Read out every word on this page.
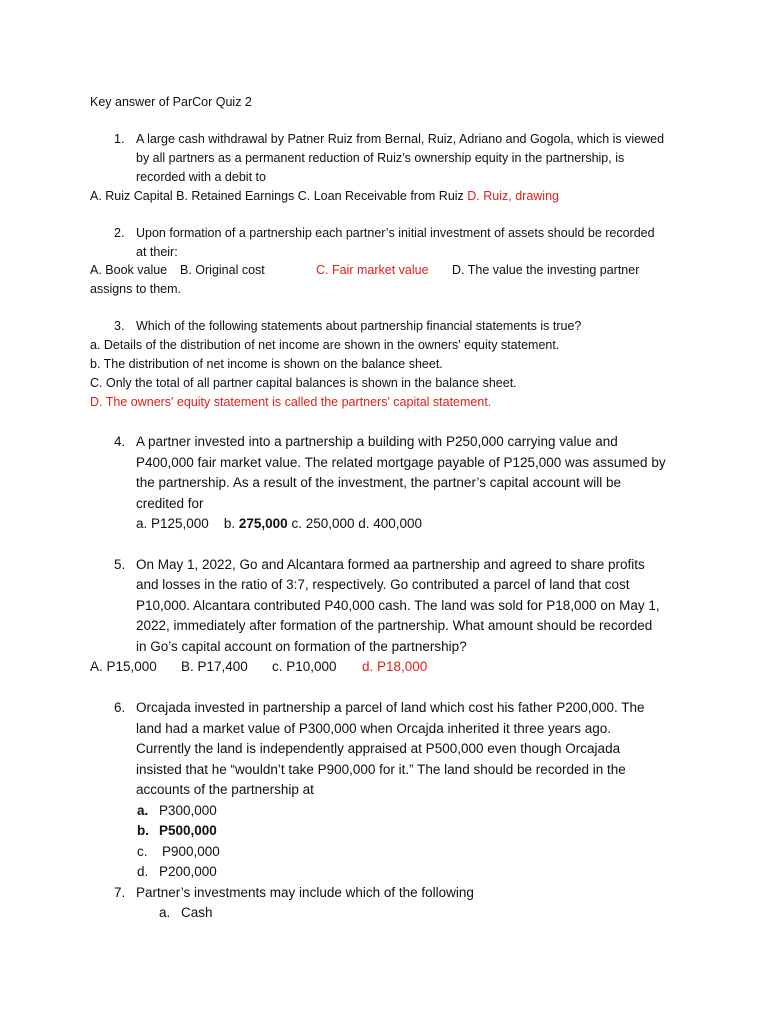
Key answer of ParCor Quiz 2
1. A large cash withdrawal by Patner Ruiz from Bernal, Ruiz, Adriano and Gogola, which is viewed
by all partners as a permanent reduction of Ruiz’s ownership equity in the partnership, is
recorded with a debit to
A. Ruiz Capital B. Retained Earnings C. Loan Receivable from Ruiz D. Ruiz, drawing
2. Upon formation of a partnership each partner’s initial investment of assets should be recorded
at their:
A. Book value B. Original cost	C. Fair market value D. The value the investing partner
assigns to them.
3. Which of the following statements about partnership financial statements is true?
a. Details of the distribution of net income are shown in the owners' equity statement.
b. The distribution of net income is shown on the balance sheet.
C. Only the total of all partner capital balances is shown in the balance sheet.
D. The owners' equity statement is called the partners' capital statement.
4. A partner invested into a partnership a building with P250,000 carrying value and
P400,000 fair market value. The related mortgage payable of P125,000 was assumed by
the partnership. As a result of the investment, the partner’s capital account will be
credited for
a. P125,000 b. 275,000 c. 250,000 d. 400,000
5. On May 1, 2022, Go and Alcantara formed aa partnership and agreed to share profits
and losses in the ratio of 3:7, respectively. Go contributed a parcel of land that cost
P10,000. Alcantara contributed P40,000 cash. The land was sold for P18,000 on May 1,
2022, immediately after formation of the partnership. What amount should be recorded
in Go’s capital account on formation of the partnership?
A. P15,000 B. P17,400 c. P10,000 d. P18,000
6. Orcajada invested in partnership a parcel of land which cost his father P200,000. The
land had a market value of P300,000 when Orcajda inherited it three years ago.
Currently the land is independently appraised at P500,000 even though Orcajada
insisted that he “wouldn’t take P900,000 for it.” The land should be recorded in the
accounts of the partnership at
a. P300,000
b. P500,000
c. P900,000
d. P200,000
7. Partner’s investments may include which of the following
a. Cash
